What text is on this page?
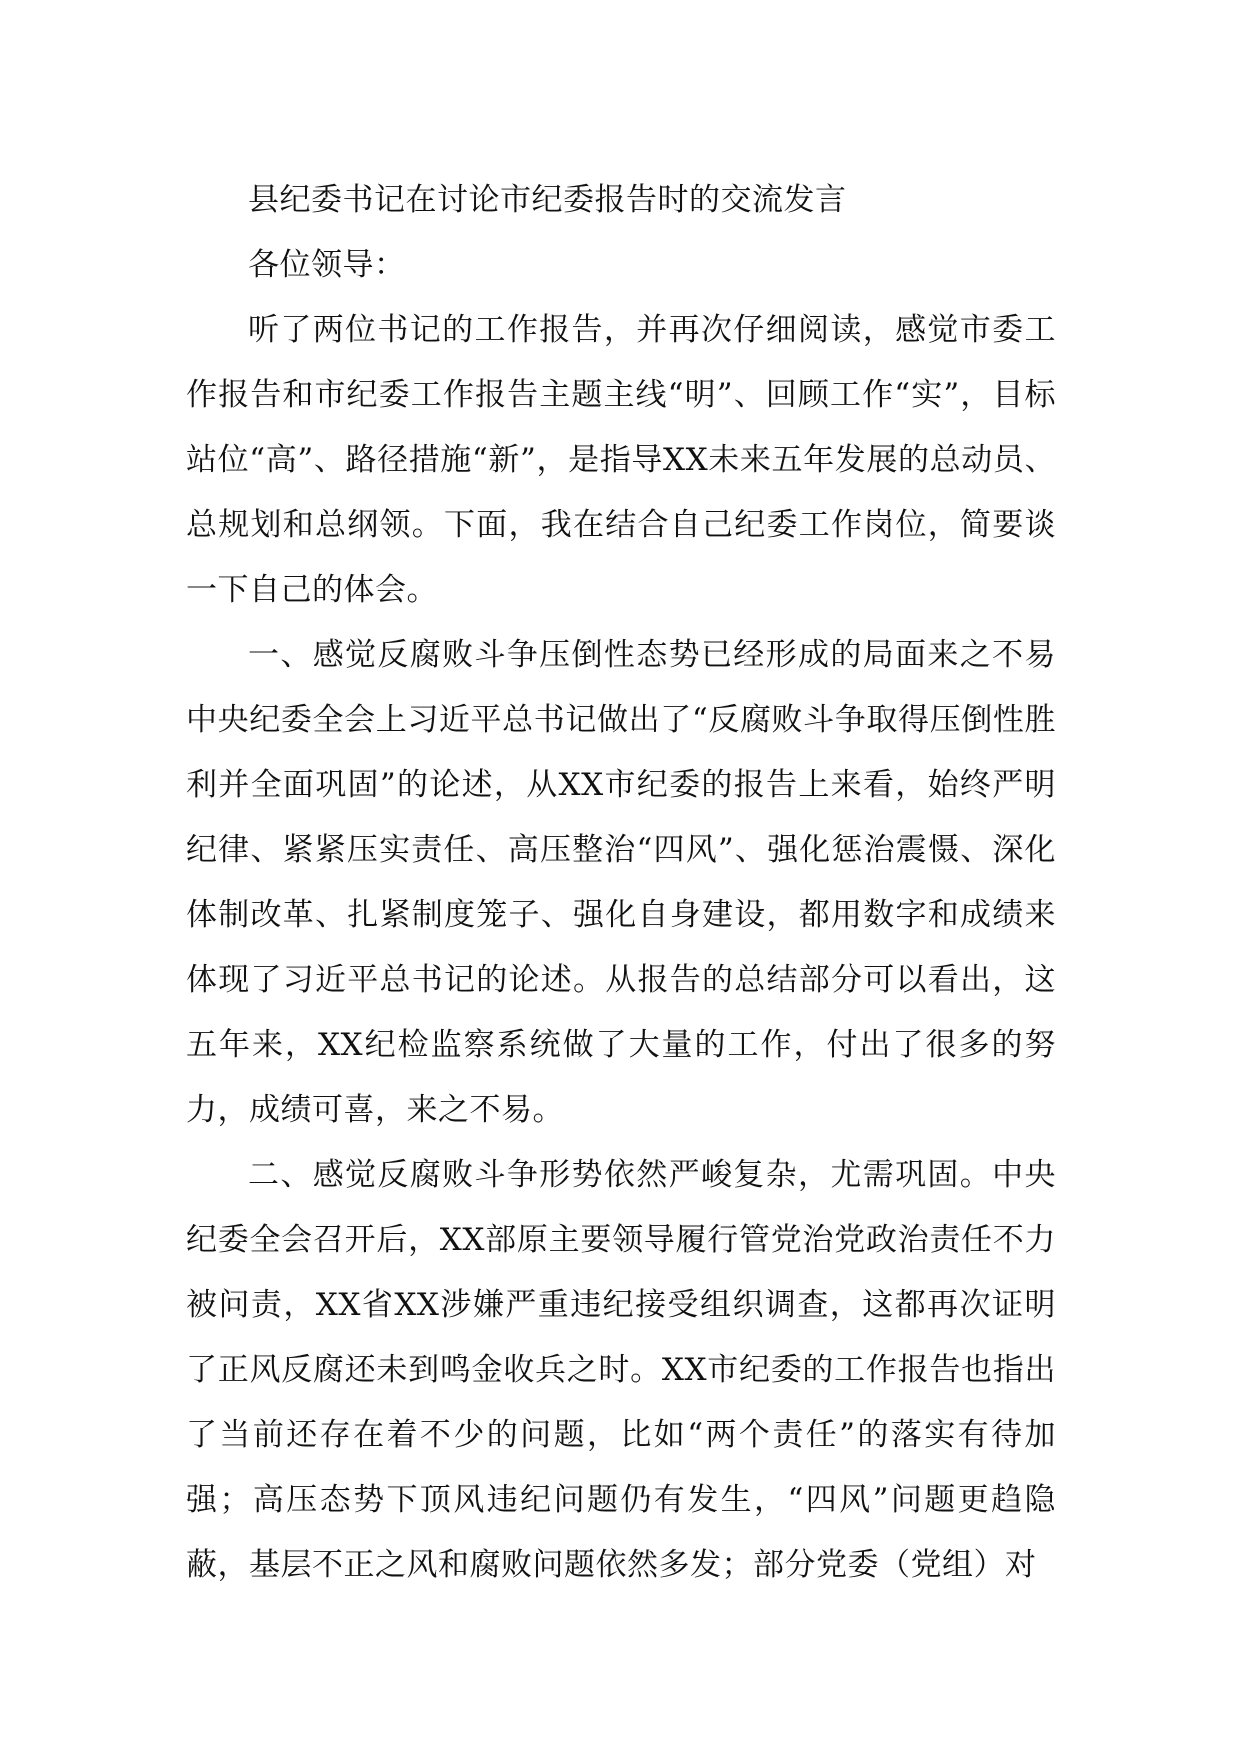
县纪委书记在讨论市纪委报告时的交流发言

各位领导：

听了两位书记的工作报告，并再次仔细阅读，感觉市委工作报告和市纪委工作报告主题主线“明”、回顾工作“实”，目标站位“高”、路径措施“新”，是指导XX未来五年发展的总动员、总规划和总纲领。下面，我在结合自己纪委工作岗位，简要谈一下自己的体会。

一、感觉反腐败斗争压倒性态势已经形成的局面来之不易中央纪委全会上习近平总书记做出了“反腐败斗争取得压倒性胜利并全面巩固”的论述，从XX市纪委的报告上来看，始终严明纪律、紧紧压实责任、高压整治“四风”、强化惩治震慑、深化体制改革、扎紧制度笼子、强化自身建设，都用数字和成绩来体现了习近平总书记的论述。从报告的总结部分可以看出，这五年来，XX纪检监察系统做了大量的工作，付出了很多的努力，成绩可喜，来之不易。

二、感觉反腐败斗争形势依然严峻复杂，尤需巩固。中央纪委全会召开后，XX部原主要领导履行管党治党政治责任不力被问责，XX省XX涉嫌严重违纪接受组织调查，这都再次证明了正风反腐还未到鸣金收兵之时。XX市纪委的工作报告也指出了当前还存在着不少的问题，比如“两个责任”的落实有待加强；高压态势下顶风违纪问题仍有发生，“四风”问题更趋隐蔽，基层不正之风和腐败问题依然多发；部分党委（党组）对
